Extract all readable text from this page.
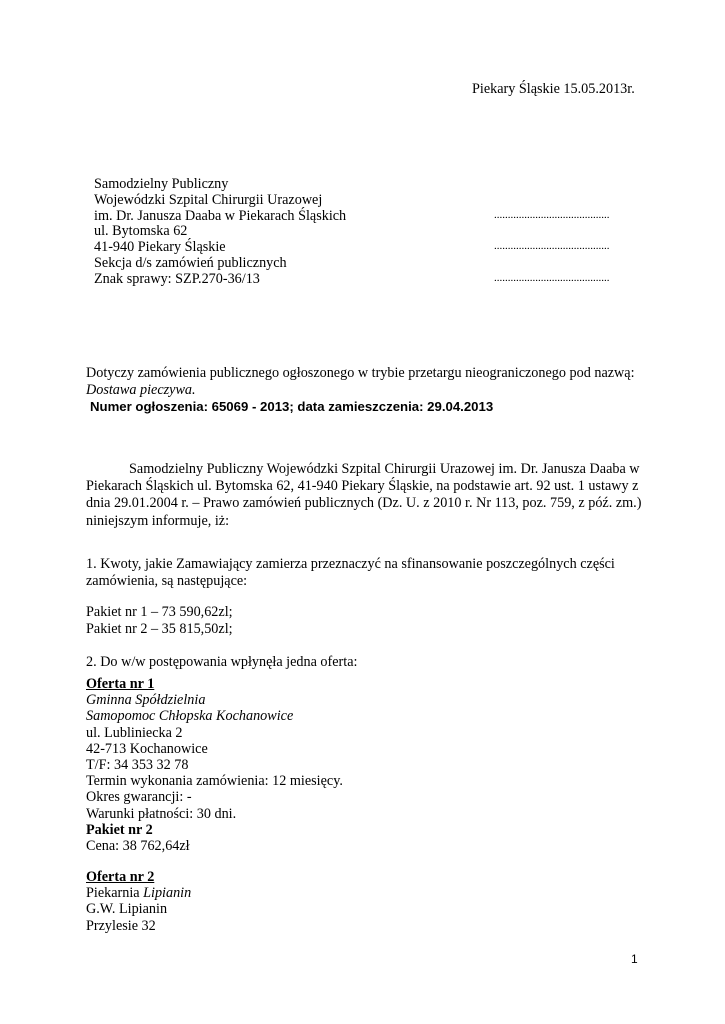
Piekary Śląskie 15.05.2013r.
Samodzielny Publiczny
Wojewódzki Szpital Chirurgii Urazowej
im. Dr. Janusza Daaba w Piekarach Śląskich
ul. Bytomska 62
41-940 Piekary Śląskie
Sekcja d/s zamówień publicznych
Znak sprawy: SZP.270-36/13
..........................................
..........................................
..........................................
Dotyczy zamówienia publicznego ogłoszonego w trybie przetargu nieograniczonego pod nazwą:
Dostawa pieczywa.
Numer ogłoszenia: 65069 - 2013; data zamieszczenia: 29.04.2013
Samodzielny Publiczny Wojewódzki Szpital Chirurgii Urazowej im. Dr. Janusza Daaba w
Piekarach Śląskich ul. Bytomska 62, 41-940 Piekary Śląskie, na podstawie art. 92 ust. 1 ustawy z
dnia 29.01.2004 r. – Prawo zamówień publicznych (Dz. U. z 2010 r. Nr 113, poz. 759, z póź. zm.)
niniejszym informuje, iż:
1. Kwoty, jakie Zamawiający zamierza przeznaczyć na sfinansowanie poszczególnych części
zamówienia, są następujące:
Pakiet nr 1 – 73 590,62zl;
Pakiet nr 2 – 35 815,50zl;
2. Do w/w postępowania wpłynęła jedna oferta:
Oferta nr 1
Gminna Spółdzielnia
Samopomoc Chłopska Kochanowice
ul. Lubliniecka 2
42-713 Kochanowice
T/F: 34 353 32 78
Termin wykonania zamówienia: 12 miesięcy.
Okres gwarancji: -
Warunki płatności: 30 dni.
Pakiet nr 2
Cena: 38 762,64zł
Oferta nr 2
Piekarnia Lipianin
G.W. Lipianin
Przylesie 32
1
